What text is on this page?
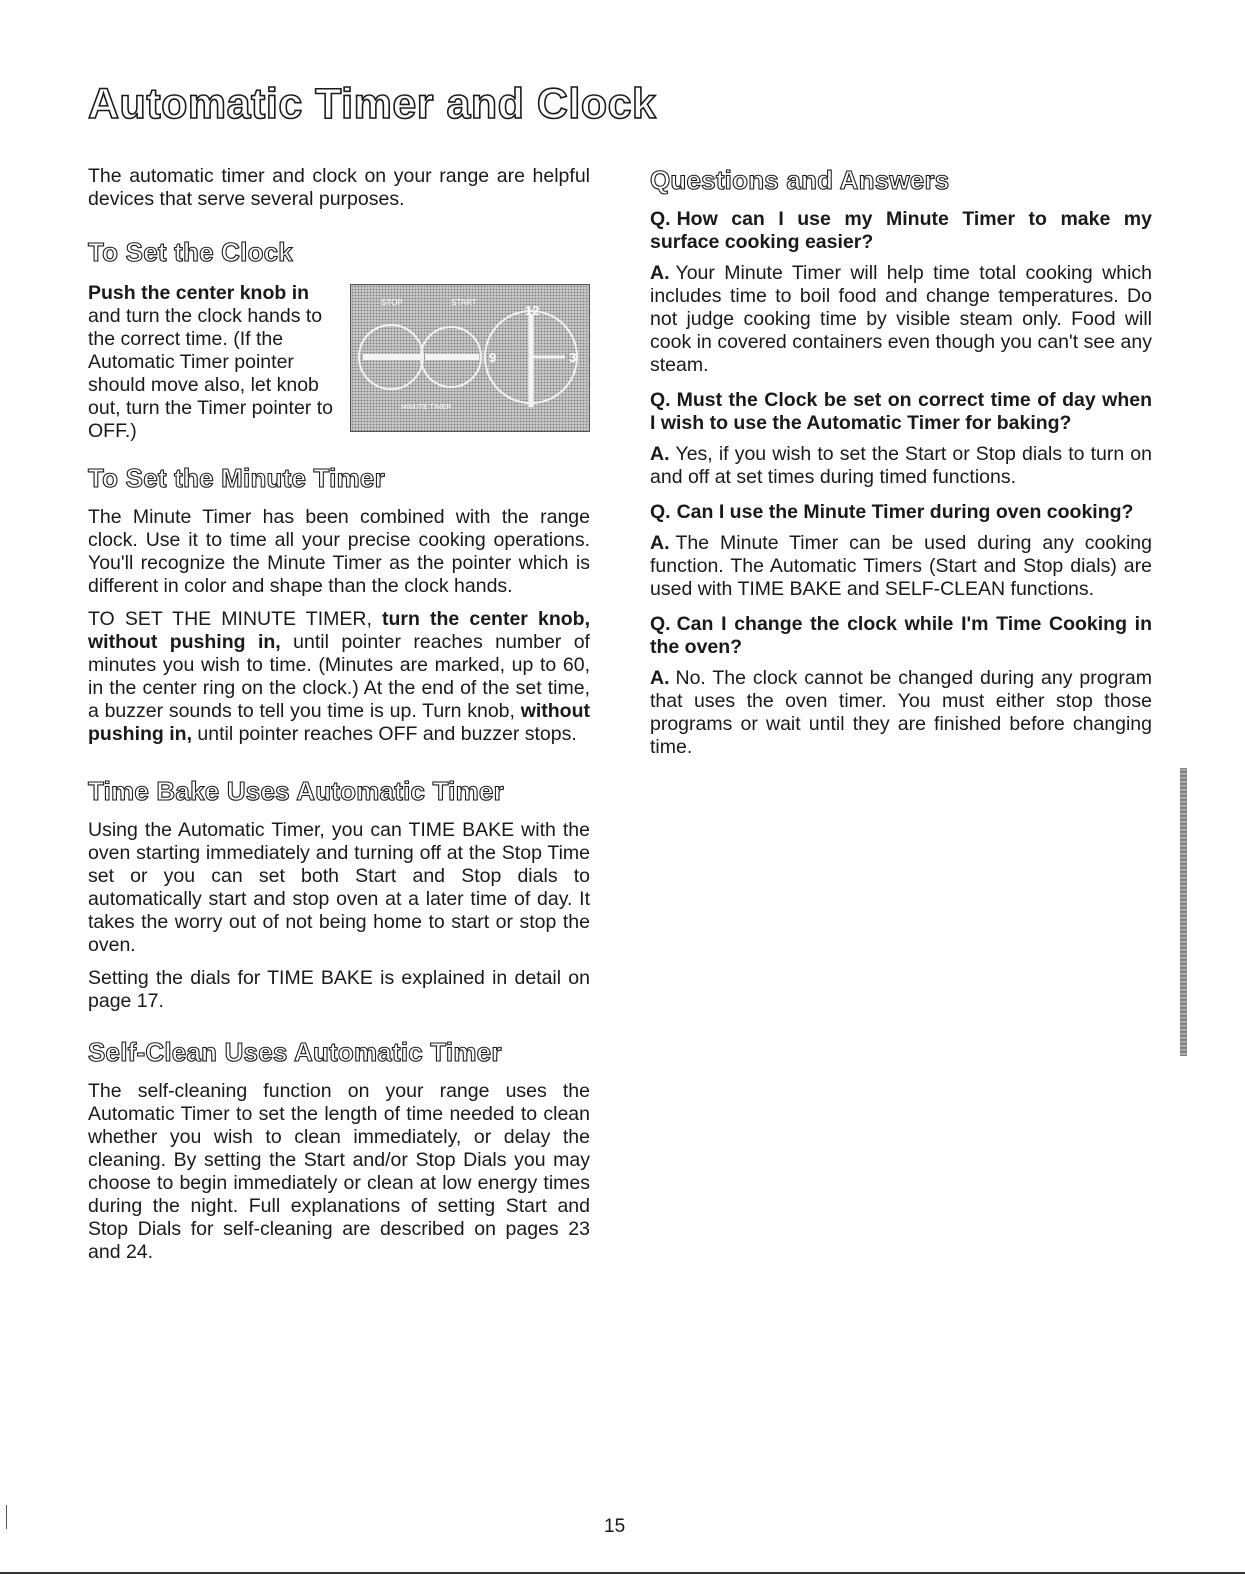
Automatic Timer and Clock

The automatic timer and clock on your range are helpful devices that serve several purposes.

To Set the Clock

Push the center knob in and turn the clock hands to the correct time. (If the Automatic Timer pointer should move also, let knob out, turn the Timer pointer to OFF.)

STOP	START
12
9	3
MINUTE TIMER
To Set the Minute Timer

The Minute Timer has been combined with the range clock. Use it to time all your precise cooking operations. You'll recognize the Minute Timer as the pointer which is different in color and shape than the clock hands.

TO SET THE MINUTE TIMER, turn the center knob, without pushing in, until pointer reaches number of minutes you wish to time. (Minutes are marked, up to 60, in the center ring on the clock.) At the end of the set time, a buzzer sounds to tell you time is up. Turn knob, without pushing in, until pointer reaches OFF and buzzer stops.

Time Bake Uses Automatic Timer

Using the Automatic Timer, you can TIME BAKE with the oven starting immediately and turning off at the Stop Time set or you can set both Start and Stop dials to automatically start and stop oven at a later time of day. It takes the worry out of not being home to start or stop the oven.

Setting the dials for TIME BAKE is explained in detail on page 17.

Self-Clean Uses Automatic Timer

The self-cleaning function on your range uses the Automatic Timer to set the length of time needed to clean whether you wish to clean immediately, or delay the cleaning. By setting the Start and/or Stop Dials you may choose to begin immediately or clean at low energy times during the night. Full explanations of setting Start and Stop Dials for self-cleaning are described on pages 23 and 24.

Questions and Answers

Q. How can I use my Minute Timer to make my surface cooking easier?

A. Your Minute Timer will help time total cooking which includes time to boil food and change temperatures. Do not judge cooking time by visible steam only. Food will cook in covered containers even though you can't see any steam.

Q. Must the Clock be set on correct time of day when I wish to use the Automatic Timer for baking?

A. Yes, if you wish to set the Start or Stop dials to turn on and off at set times during timed functions.

Q. Can I use the Minute Timer during oven cooking?

A. The Minute Timer can be used during any cooking function. The Automatic Timers (Start and Stop dials) are used with TIME BAKE and SELF-CLEAN functions.

Q. Can I change the clock while I'm Time Cooking in the oven?

A. No. The clock cannot be changed during any program that uses the oven timer. You must either stop those programs or wait until they are finished before changing time.

15
